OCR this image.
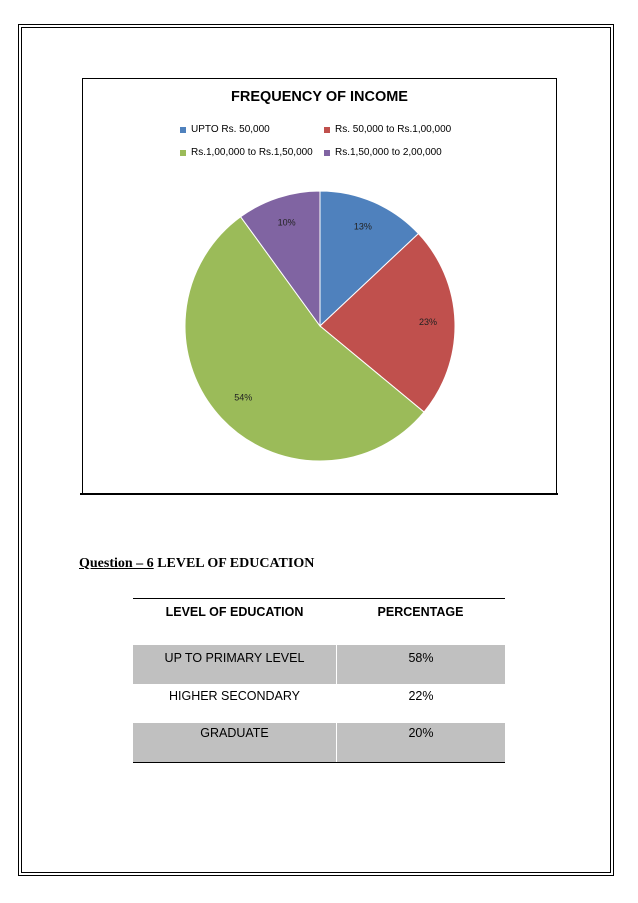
FREQUENCY OF INCOME
UPTO Rs. 50,000	Rs. 50,000 to Rs.1,00,000
Rs.1,00,000 to Rs.1,50,000 Rs.1,50,000 to 2,00,000
13%
23%
54%
10%
Question – 6 LEVEL OF EDUCATION
LEVEL OF EDUCATION	PERCENTAGE
UP TO PRIMARY LEVEL	58%
HIGHER SECONDARY	22%
GRADUATE	20%
